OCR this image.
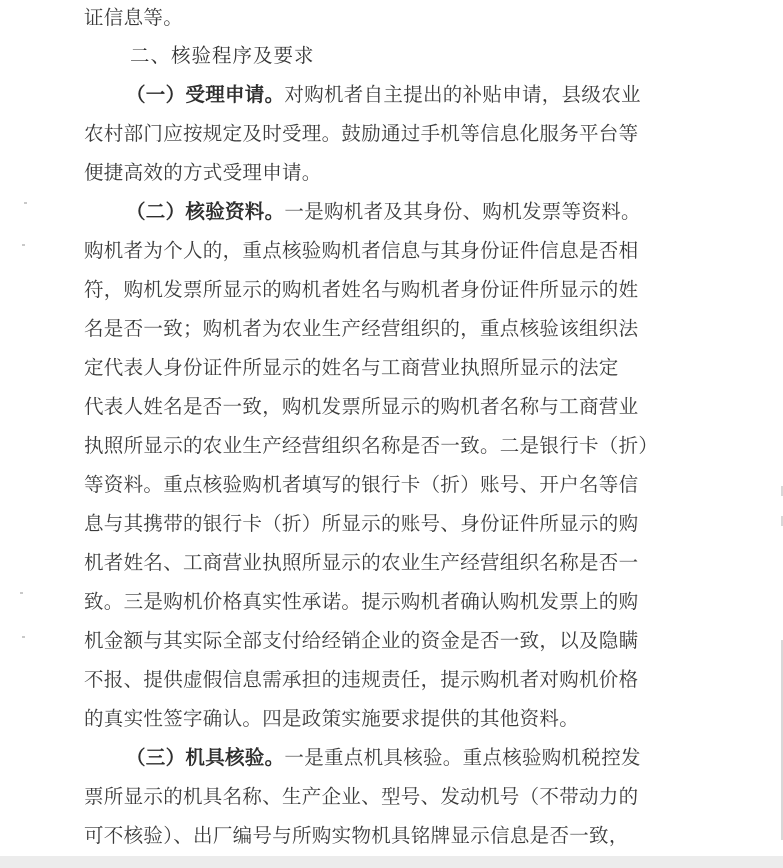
证信息等。
二、核验程序及要求
（一）受理申请。对购机者自主提出的补贴申请，县级农业
农村部门应按规定及时受理。鼓励通过手机等信息化服务平台等
便捷高效的方式受理申请。
（二）核验资料。一是购机者及其身份、购机发票等资料。
购机者为个人的，重点核验购机者信息与其身份证件信息是否相
符，购机发票所显示的购机者姓名与购机者身份证件所显示的姓
名是否一致；购机者为农业生产经营组织的，重点核验该组织法
定代表人身份证件所显示的姓名与工商营业执照所显示的法定
代表人姓名是否一致，购机发票所显示的购机者名称与工商营业
执照所显示的农业生产经营组织名称是否一致。二是银行卡（折）
等资料。重点核验购机者填写的银行卡（折）账号、开户名等信
息与其携带的银行卡（折）所显示的账号、身份证件所显示的购
机者姓名、工商营业执照所显示的农业生产经营组织名称是否一
致。三是购机价格真实性承诺。提示购机者确认购机发票上的购
机金额与其实际全部支付给经销企业的资金是否一致，以及隐瞒
不报、提供虚假信息需承担的违规责任，提示购机者对购机价格
的真实性签字确认。四是政策实施要求提供的其他资料。
（三）机具核验。一是重点机具核验。重点核验购机税控发
票所显示的机具名称、生产企业、型号、发动机号（不带动力的
可不核验）、出厂编号与所购实物机具铭牌显示信息是否一致，
